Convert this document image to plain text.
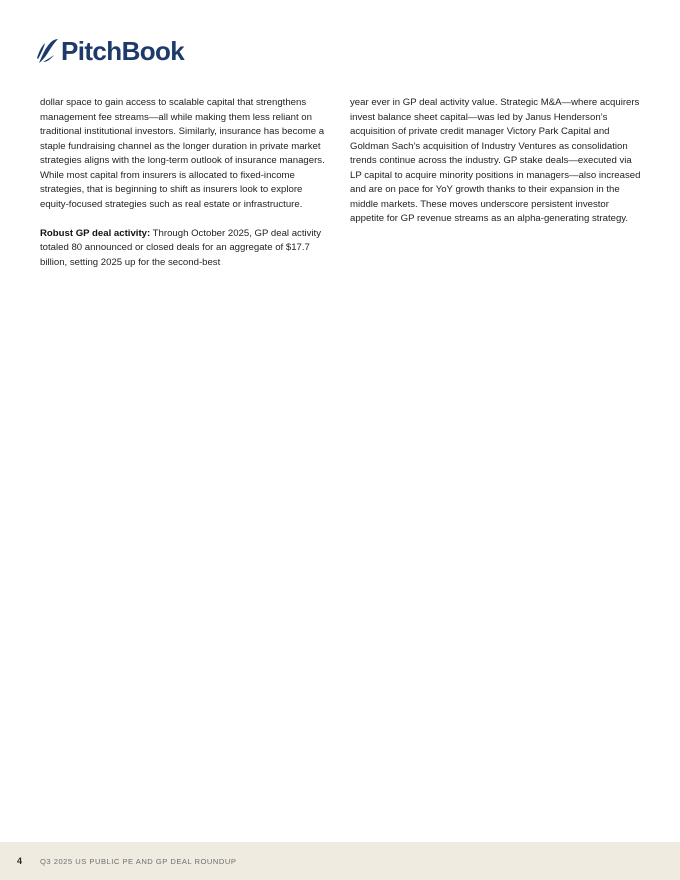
PitchBook

dollar space to gain access to scalable capital that strengthens management fee streams—all while making them less reliant on traditional institutional investors. Similarly, insurance has become a staple fundraising channel as the longer duration in private market strategies aligns with the long-term outlook of insurance managers. While most capital from insurers is allocated to fixed-income strategies, that is beginning to shift as insurers look to explore equity-focused strategies such as real estate or infrastructure.

Robust GP deal activity: Through October 2025, GP deal activity totaled 80 announced or closed deals for an aggregate of $17.7 billion, setting 2025 up for the second-best

year ever in GP deal activity value. Strategic M&A—where acquirers invest balance sheet capital—was led by Janus Henderson’s acquisition of private credit manager Victory Park Capital and Goldman Sach’s acquisition of Industry Ventures as consolidation trends continue across the industry. GP stake deals—executed via LP capital to acquire minority positions in managers—also increased and are on pace for YoY growth thanks to their expansion in the middle markets. These moves underscore persistent investor appetite for GP revenue streams as an alpha-generating strategy.

4 Q3 2025 US PUBLIC PE AND GP DEAL ROUNDUP
